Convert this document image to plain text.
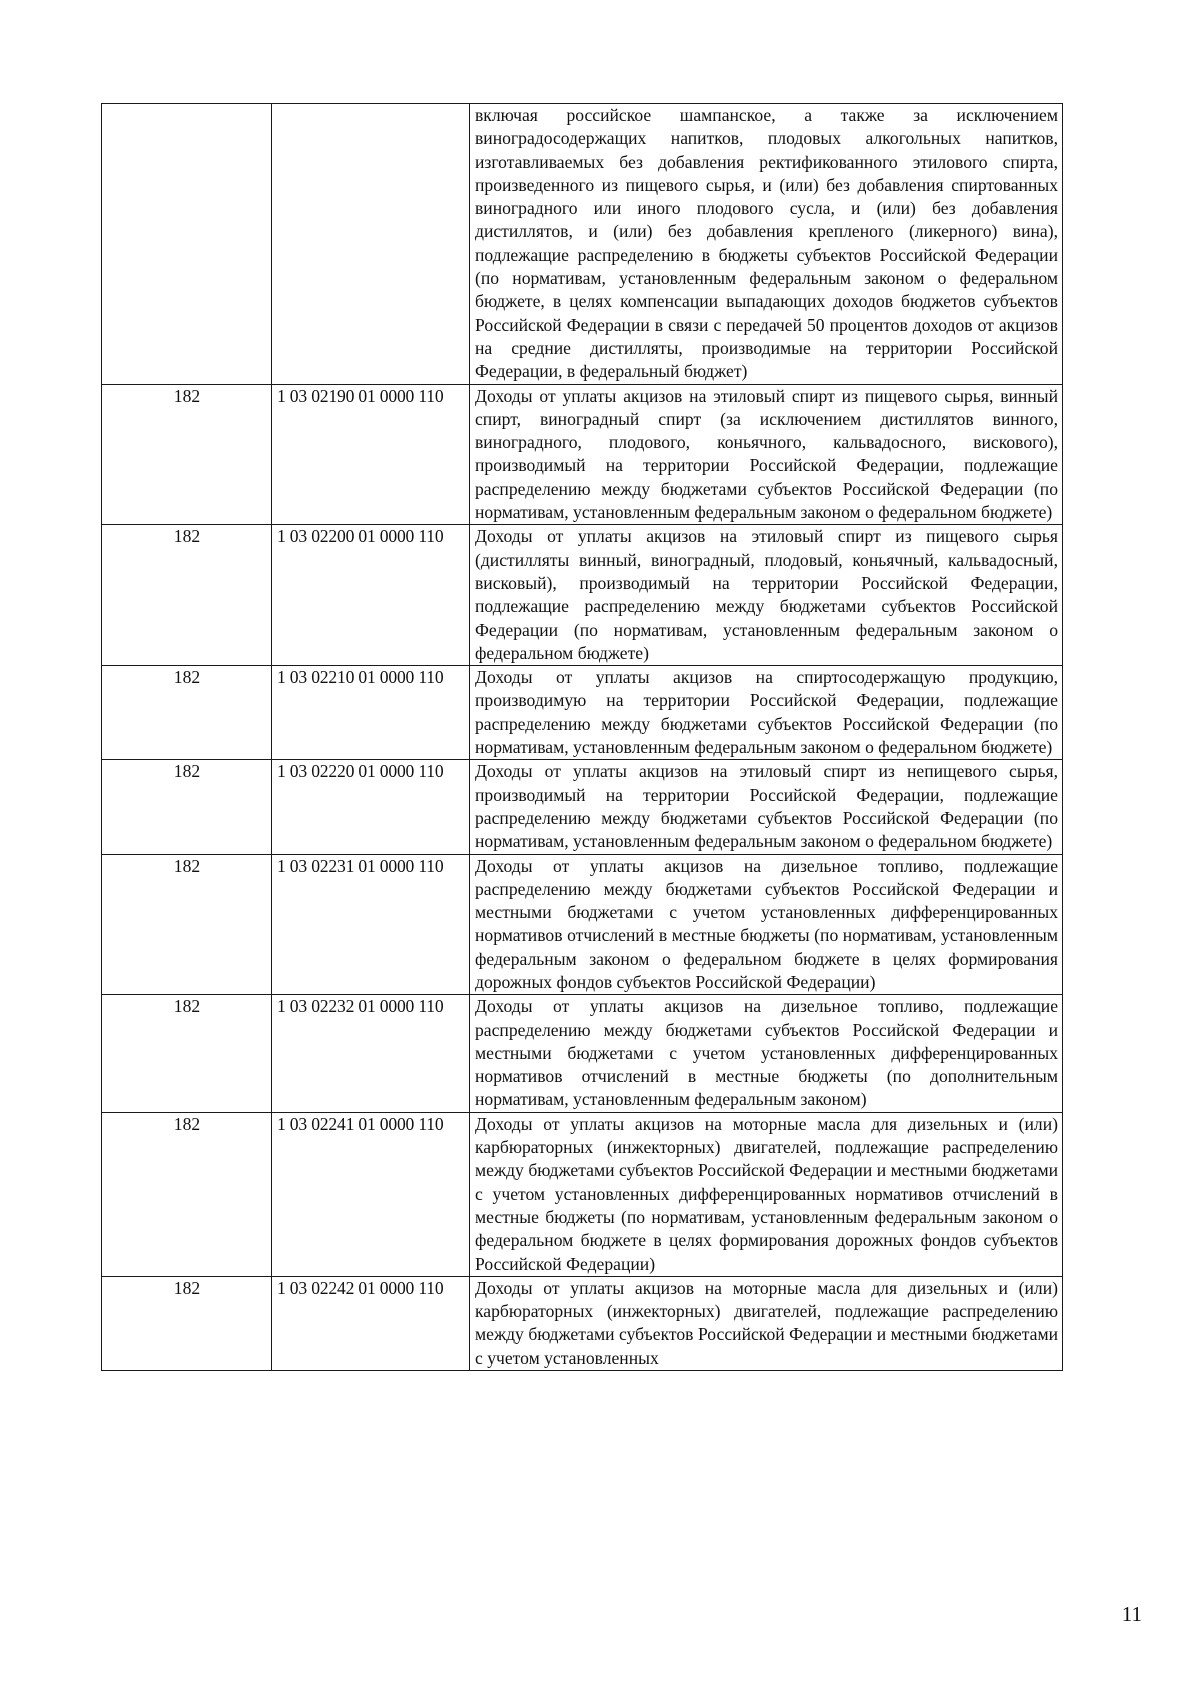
		включая российское шампанское, а также за исключением виноградосодержащих напитков, плодовых алкогольных напитков, изготавливаемых без добавления ректификованного этилового спирта, произведенного из пищевого сырья, и (или) без добавления спиртованных виноградного или иного плодового сусла, и (или) без добавления дистиллятов, и (или) без добавления крепленого (ликерного) вина), подлежащие распределению в бюджеты субъектов Российской Федерации (по нормативам, установленным федеральным законом о федеральном бюджете, в целях компенсации выпадающих доходов бюджетов субъектов Российской Федерации в связи с передачей 50 процентов доходов от акцизов на средние дистилляты, производимые на территории Российской Федерации, в федеральный бюджет)
182	1 03 02190 01 0000 110	Доходы от уплаты акцизов на этиловый спирт из пищевого сырья, винный спирт, виноградный спирт (за исключением дистиллятов винного, виноградного, плодового, коньячного, кальвадосного, вискового), производимый на территории Российской Федерации, подлежащие распределению между бюджетами субъектов Российской Федерации (по нормативам, установленным федеральным законом о федеральном бюджете)
182	1 03 02200 01 0000 110	Доходы от уплаты акцизов на этиловый спирт из пищевого сырья (дистилляты винный, виноградный, плодовый, коньячный, кальвадосный, висковый), производимый на территории Российской Федерации, подлежащие распределению между бюджетами субъектов Российской Федерации (по нормативам, установленным федеральным законом о федеральном бюджете)
182	1 03 02210 01 0000 110	Доходы от уплаты акцизов на спиртосодержащую продукцию, производимую на территории Российской Федерации, подлежащие распределению между бюджетами субъектов Российской Федерации (по нормативам, установленным федеральным законом о федеральном бюджете)
182	1 03 02220 01 0000 110	Доходы от уплаты акцизов на этиловый спирт из непищевого сырья, производимый на территории Российской Федерации, подлежащие распределению между бюджетами субъектов Российской Федерации (по нормативам, установленным федеральным законом о федеральном бюджете)
182	1 03 02231 01 0000 110	Доходы от уплаты акцизов на дизельное топливо, подлежащие распределению между бюджетами субъектов Российской Федерации и местными бюджетами с учетом установленных дифференцированных нормативов отчислений в местные бюджеты (по нормативам, установленным федеральным законом о федеральном бюджете в целях формирования дорожных фондов субъектов Российской Федерации)
182	1 03 02232 01 0000 110	Доходы от уплаты акцизов на дизельное топливо, подлежащие распределению между бюджетами субъектов Российской Федерации и местными бюджетами с учетом установленных дифференцированных нормативов отчислений в местные бюджеты (по дополнительным нормативам, установленным федеральным законом)
182	1 03 02241 01 0000 110	Доходы от уплаты акцизов на моторные масла для дизельных и (или) карбюраторных (инжекторных) двигателей, подлежащие распределению между бюджетами субъектов Российской Федерации и местными бюджетами с учетом установленных дифференцированных нормативов отчислений в местные бюджеты (по нормативам, установленным федеральным законом о федеральном бюджете в целях формирования дорожных фондов субъектов Российской Федерации)
182	1 03 02242 01 0000 110	Доходы от уплаты акцизов на моторные масла для дизельных и (или) карбюраторных (инжекторных) двигателей, подлежащие распределению между бюджетами субъектов Российской Федерации и местными бюджетами с учетом установленных
11
